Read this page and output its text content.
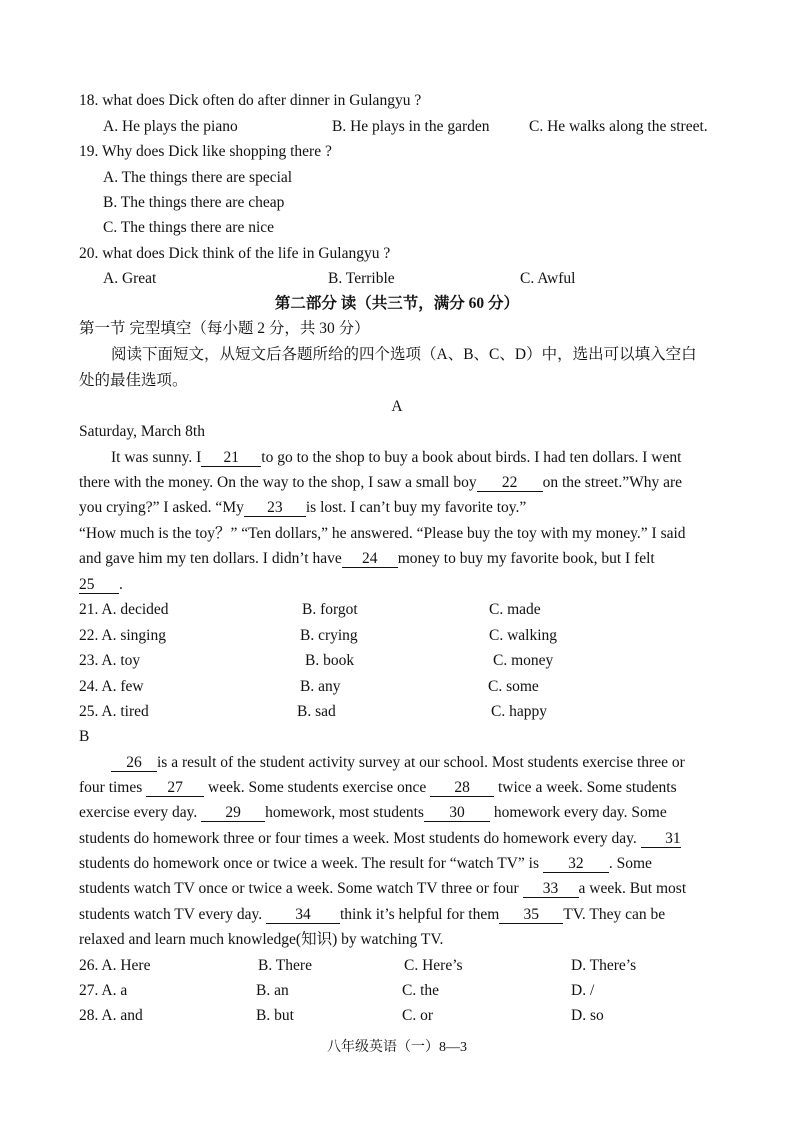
18. what does Dick often do after dinner in Gulangyu ?
A. He plays the piano	B. He plays in the garden	C. He walks along the street.
19. Why does Dick like shopping there ?
A. The things there are special
B. The things there are cheap
C. The things there are nice
20. what does Dick think of the life in Gulangyu ?
A. Great	B. Terrible	C. Awful
第二部分 读（共三节，满分 60 分）
第一节 完型填空（每小题 2 分，共 30 分）
阅读下面短文，从短文后各题所给的四个选项（A、B、C、D）中，选出可以填入空白
处的最佳选项。
A
Saturday, March 8th
It was sunny. I 21 to go to the shop to buy a book about birds. I had ten dollars. I went
there with the money. On the way to the shop, I saw a small boy 22 on the street.”Why are
you crying?” I asked. “My 23 is lost. I can’t buy my favorite toy.”
“How much is the toy？” “Ten dollars,” he answered. “Please buy the toy with my money.” I said
and gave him my ten dollars. I didn’t have 24 money to buy my favorite book, but I felt
25 .
21. A. decided	B. forgot	C. made
22. A. singing	B. crying	C. walking
23. A. toy	B. book	C. money
24. A. few	B. any	C. some
25. A. tired	B. sad	C. happy
B
26 is a result of the student activity survey at our school. Most students exercise three or
four times 27 week. Some students exercise once 28 twice a week. Some students
exercise every day. 29 homework, most students 30 homework every day. Some
students do homework three or four times a week. Most students do homework every day. 31
students do homework once or twice a week. The result for “watch TV” is 32 . Some
students watch TV once or twice a week. Some watch TV three or four 33 a week. But most
students watch TV every day. 34 think it’s helpful for them 35 TV. They can be
relaxed and learn much knowledge(知识) by watching TV.
26. A. Here	B. There	C. Here’s	D. There’s
27. A. a	B. an	C. the	D. /
28. A. and	B. but	C. or	D. so
八年级英语（一）8—3
